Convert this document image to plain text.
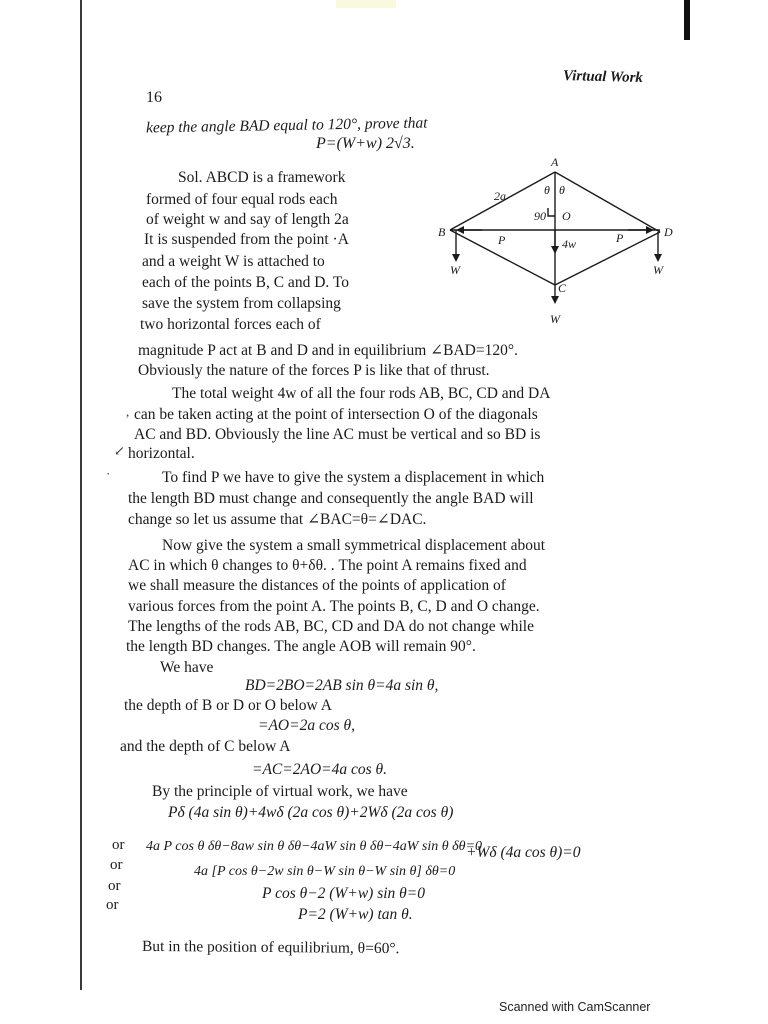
Virtual Work
16
keep the angle BAD equal to 120°, prove that
P=(W+w) 2√3.
Sol. ABCD is a framework
formed of four equal rods each
of weight w and say of length 2a
It is suspended from the point ·A
and a weight W is attached to
each of the points B, C and D. To
save the system from collapsing
two horizontal forces each of
A
B
C
D
O
θ θ
90
2a
P	P
4w
W	W
W
magnitude P act at B and D and in equilibrium ∠BAD=120°.
Obviously the nature of the forces P is like that of thrust.
The total weight 4w of all the four rods AB, BC, CD and DA
, can be taken acting at the point of intersection O of the diagonals
AC and BD. Obviously the line AC must be vertical and so BD is
↙ horizontal.
·	To find P we have to give the system a displacement in which
the length BD must change and consequently the angle BAD will
change so let us assume that ∠BAC=θ=∠DAC.
Now give the system a small symmetrical displacement about
AC in which θ changes to θ+δθ. . The point A remains fixed and
we shall measure the distances of the points of application of
various forces from the point A. The points B, C, D and O change.
The lengths of the rods AB, BC, CD and DA do not change while
the length BD changes. The angle AOB will remain 90°.
We have
BD=2BO=2AB sin θ=4a sin θ,
the depth of B or D or O below A
=AO=2a cos θ,
and the depth of C below A
=AC=2AO=4a cos θ.
By the principle of virtual work, we have
Pδ (4a sin θ)+4wδ (2a cos θ)+2Wδ (2a cos θ)
+Wδ (4a cos θ)=0
or 4a P cos θ δθ−8aw sin θ δθ−4aW sin θ δθ−4aW sin θ δθ=0
or	4a [P cos θ−2w sin θ−W sin θ−W sin θ] δθ=0
or	P cos θ−2 (W+w) sin θ=0
or
P=2 (W+w) tan θ.
But in the position of equilibrium, θ=60°.
Scanned with CamScanner
